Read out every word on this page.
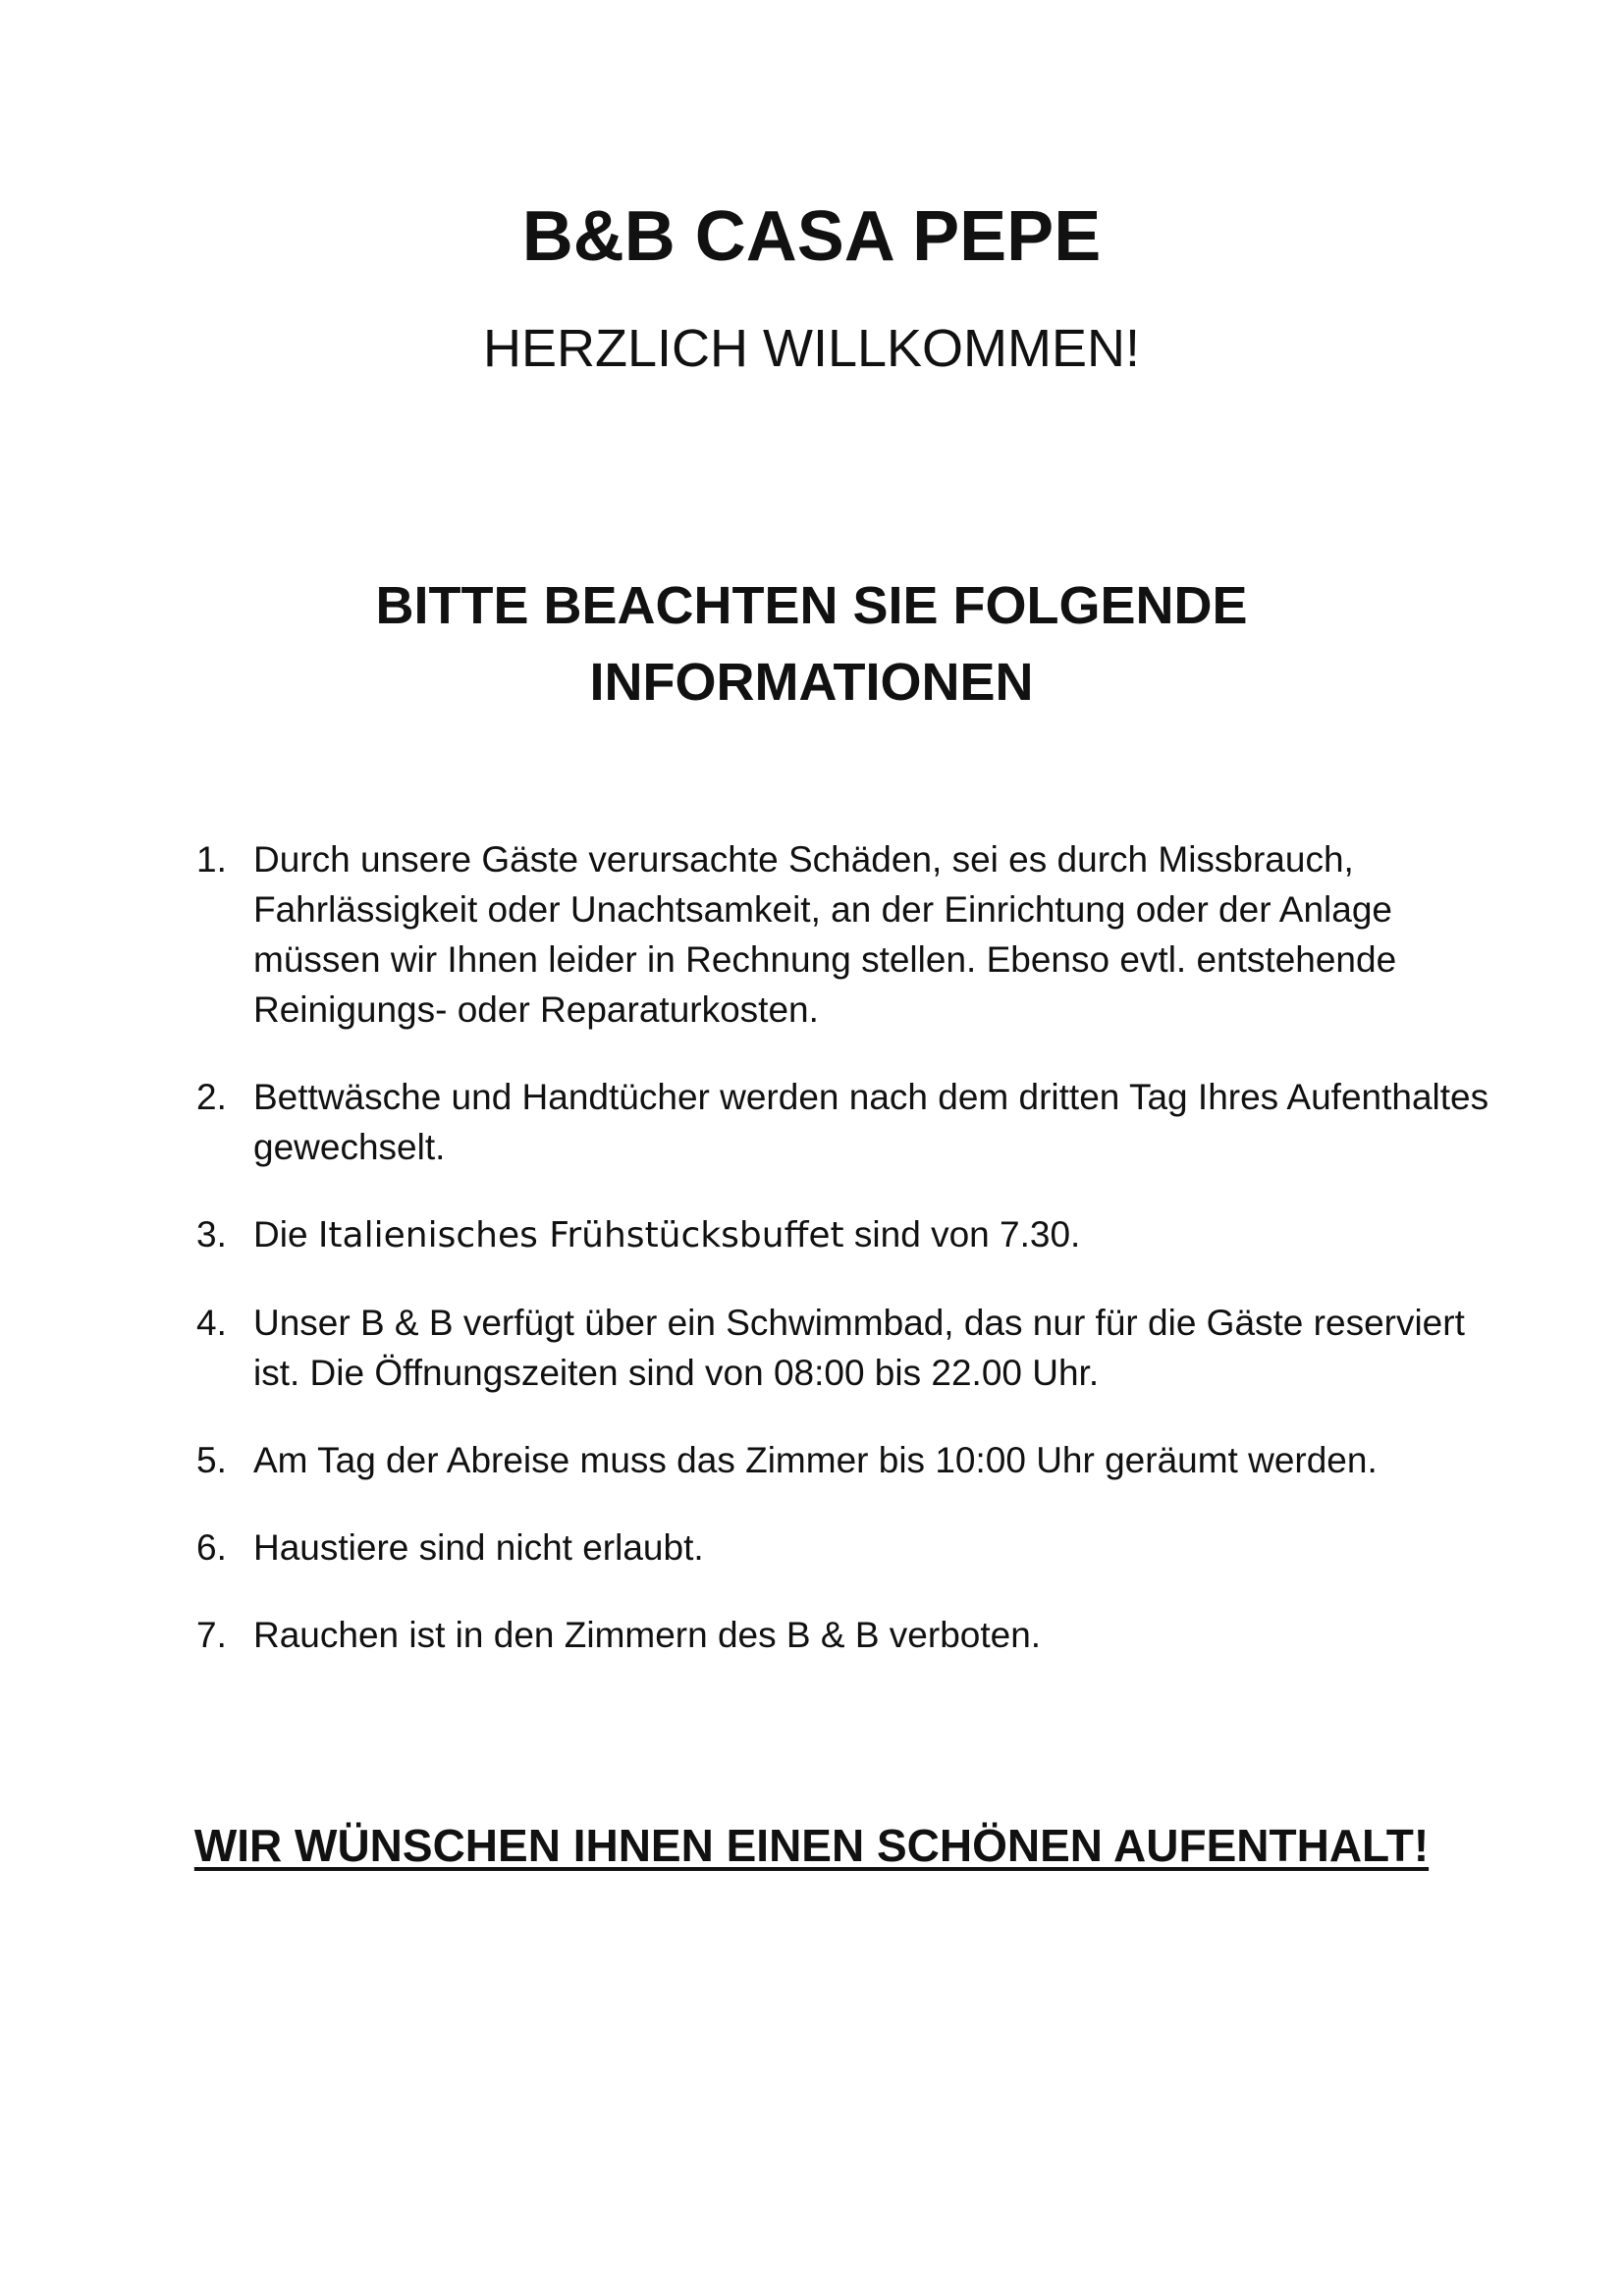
B&B CASA PEPE
HERZLICH WILLKOMMEN!
BITTE BEACHTEN SIE FOLGENDE
INFORMATIONEN
1. Durch unsere Gäste verursachte Schäden, sei es durch Missbrauch, Fahrlässigkeit oder Unachtsamkeit, an der Einrichtung oder der Anlage müssen wir Ihnen leider in Rechnung stellen. Ebenso evtl. entstehende Reinigungs- oder Reparaturkosten.
2. Bettwäsche und Handtücher werden nach dem dritten Tag Ihres Aufenthaltes gewechselt.
3. Die Italienisches Frühstücksbuffet sind von 7.30.
4. Unser B & B verfügt über ein Schwimmbad, das nur für die Gäste reserviert ist. Die Öffnungszeiten sind von 08:00 bis 22.00 Uhr.
5. Am Tag der Abreise muss das Zimmer bis 10:00 Uhr geräumt werden.
6. Haustiere sind nicht erlaubt.
7. Rauchen ist in den Zimmern des B & B verboten.
WIR WÜNSCHEN IHNEN EINEN SCHÖNEN AUFENTHALT!
